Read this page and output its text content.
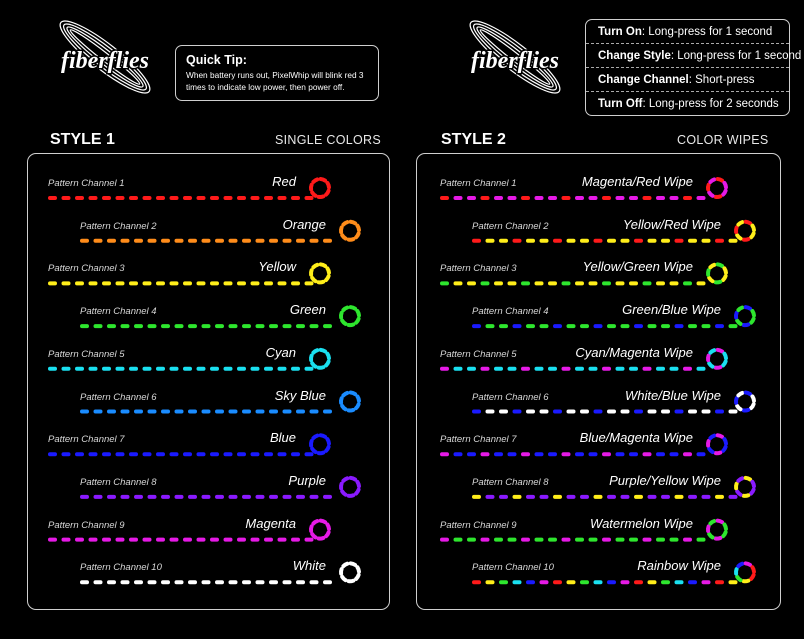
fiberflies	fiberflies
Quick Tip:
When battery runs out, PixelWhip will blink red 3 times to indicate low power, then power off.
Turn On: Long-press for 1 second
Change Style: Long-press for 1 second
Change Channel: Short-press
Turn Off: Long-press for 2 seconds
STYLE 1	SINGLE COLORS	STYLE 2	COLOR WIPES
Pattern Channel 1	Red
Pattern Channel 2	Orange
Pattern Channel 3	Yellow
Pattern Channel 4	Green
Pattern Channel 5	Cyan
Pattern Channel 6	Sky Blue
Pattern Channel 7	Blue
Pattern Channel 8	Purple
Pattern Channel 9	Magenta
Pattern Channel 10	White
Pattern Channel 1	Magenta/Red Wipe
Pattern Channel 2	Yellow/Red Wipe
Pattern Channel 3	Yellow/Green Wipe
Pattern Channel 4	Green/Blue Wipe
Pattern Channel 5	Cyan/Magenta Wipe
Pattern Channel 6	White/Blue Wipe
Pattern Channel 7	Blue/Magenta Wipe
Pattern Channel 8	Purple/Yellow Wipe
Pattern Channel 9	Watermelon Wipe
Pattern Channel 10	Rainbow Wipe
